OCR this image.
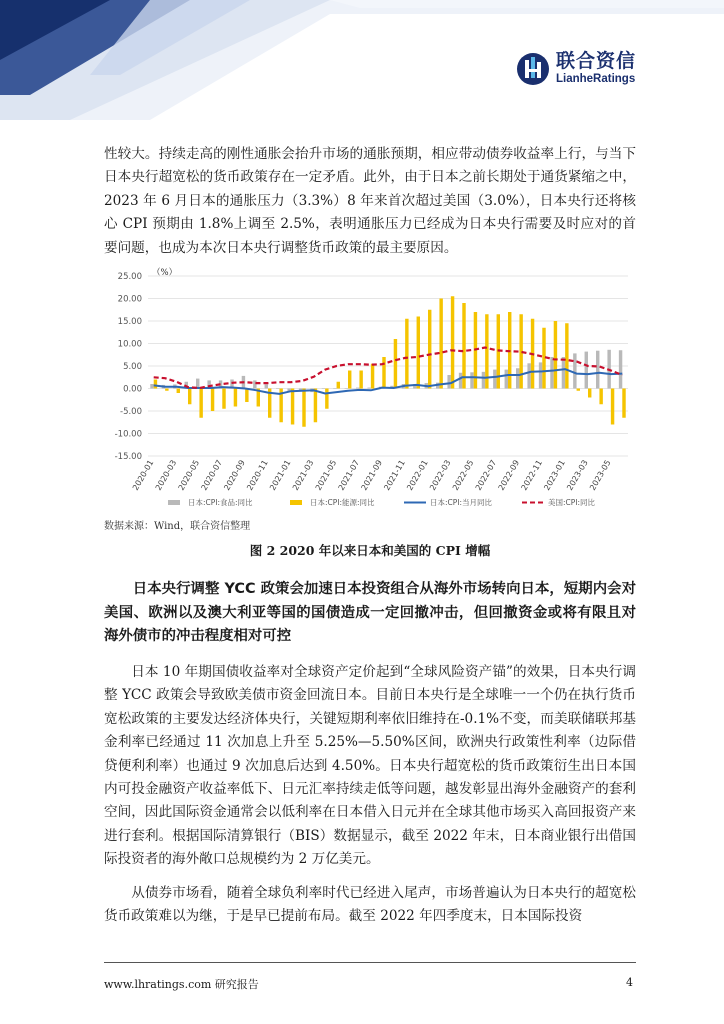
联合资信
LianheRatings

性较大。持续走高的刚性通胀会抬升市场的通胀预期，相应带动债券收益率上行，与当下日本央行超宽松的货币政策存在一定矛盾。此外，由于日本之前长期处于通货紧缩之中，2023 年 6 月日本的通胀压力（3.3%）8 年来首次超过美国（3.0%），日本央行还将核心 CPI 预期由 1.8%上调至 2.5%，表明通胀压力已经成为日本央行需要及时应对的首要问题，也成为本次日本央行调整货币政策的最主要原因。

25.00
20.00
15.00
10.00
5.00
0.00
-5.00
-10.00
-15.00
（%）
2020-01
2020-03
2020-05
2020-07
2020-09
2020-11
2021-01
2021-03
2021-05
2021-07
2021-09
2021-11
2022-01
2022-03
2022-05
2022-07
2022-09
2022-11
2023-01
2023-03
2023-05
日本:CPI:食品:同比	日本:CPI:能源:同比	日本:CPI:当月同比	美国:CPI:同比
数据来源：Wind，联合资信整理
图 2 2020 年以来日本和美国的 CPI 增幅

日本央行调整 YCC 政策会加速日本投资组合从海外市场转向日本，短期内会对美国、欧洲以及澳大利亚等国的国债造成一定回撤冲击，但回撤资金或将有限且对海外债市的冲击程度相对可控

日本 10 年期国债收益率对全球资产定价起到“全球风险资产锚”的效果，日本央行调整 YCC 政策会导致欧美债市资金回流日本。目前日本央行是全球唯一一个仍在执行货币宽松政策的主要发达经济体央行，关键短期利率依旧维持在-0.1%不变，而美联储联邦基金利率已经通过 11 次加息上升至 5.25%—5.50%区间，欧洲央行政策性利率（边际借贷便利利率）也通过 9 次加息后达到 4.50%。日本央行超宽松的货币政策衍生出日本国内可投金融资产收益率低下、日元汇率持续走低等问题，越发彰显出海外金融资产的套利空间，因此国际资金通常会以低利率在日本借入日元并在全球其他市场买入高回报资产来进行套利。根据国际清算银行（BIS）数据显示，截至 2022 年末，日本商业银行出借国际投资者的海外敞口总规模约为 2 万亿美元。

从债券市场看，随着全球负利率时代已经进入尾声，市场普遍认为日本央行的超宽松货币政策难以为继，于是早已提前布局。截至 2022 年四季度末，日本国际投资

www.lhratings.com 研究报告	4
